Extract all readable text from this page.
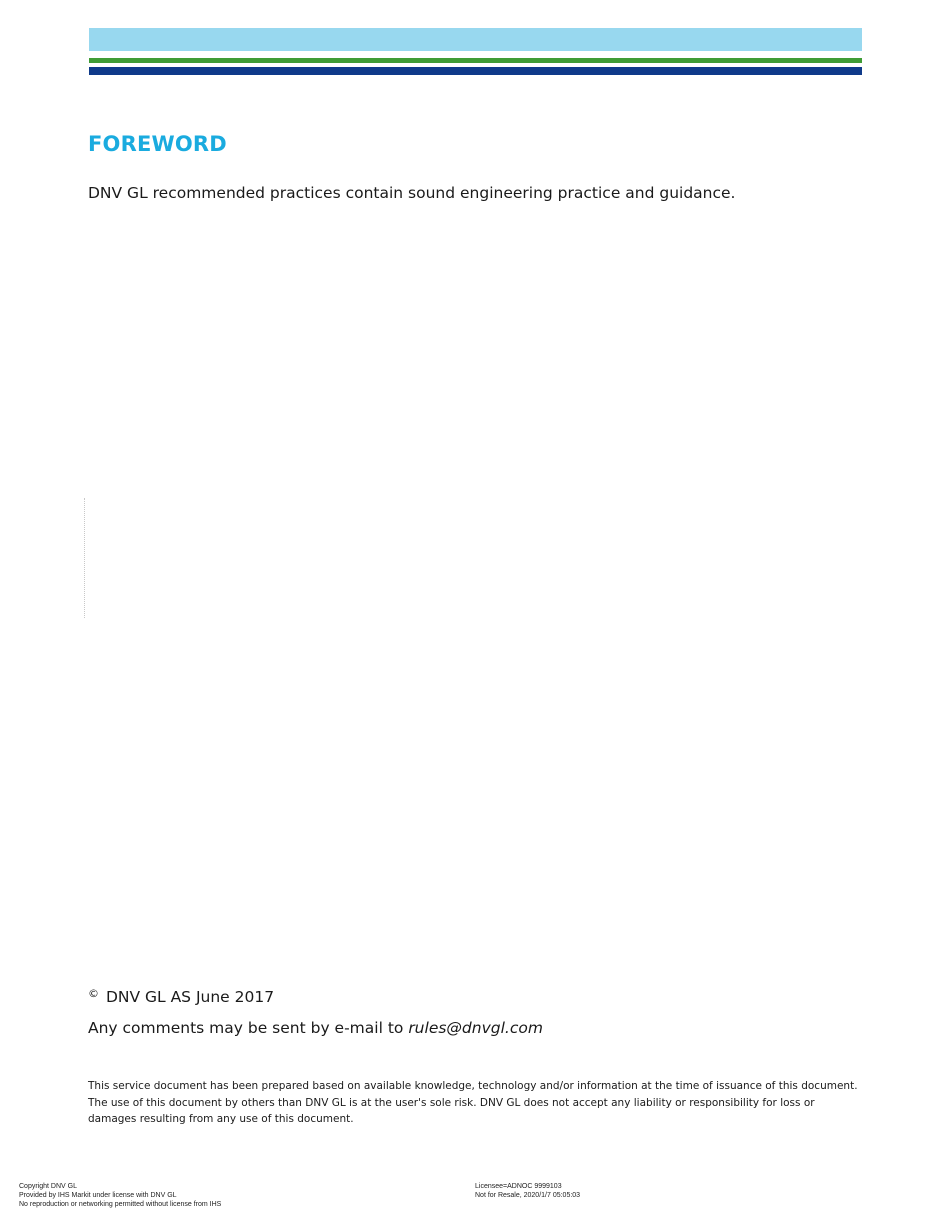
FOREWORD

DNV GL recommended practices contain sound engineering practice and guidance.

© DNV GL AS June 2017

Any comments may be sent by e-mail to rules@dnvgl.com

This service document has been prepared based on available knowledge, technology and/or information at the time of issuance of this document. The use of this document by others than DNV GL is at the user's sole risk. DNV GL does not accept any liability or responsibility for loss or damages resulting from any use of this document.

Copyright DNV GL
Provided by IHS Markit under license with DNV GL
No reproduction or networking permitted without license from IHS
Licensee=ADNOC 9999103
Not for Resale, 2020/1/7 05:05:03
